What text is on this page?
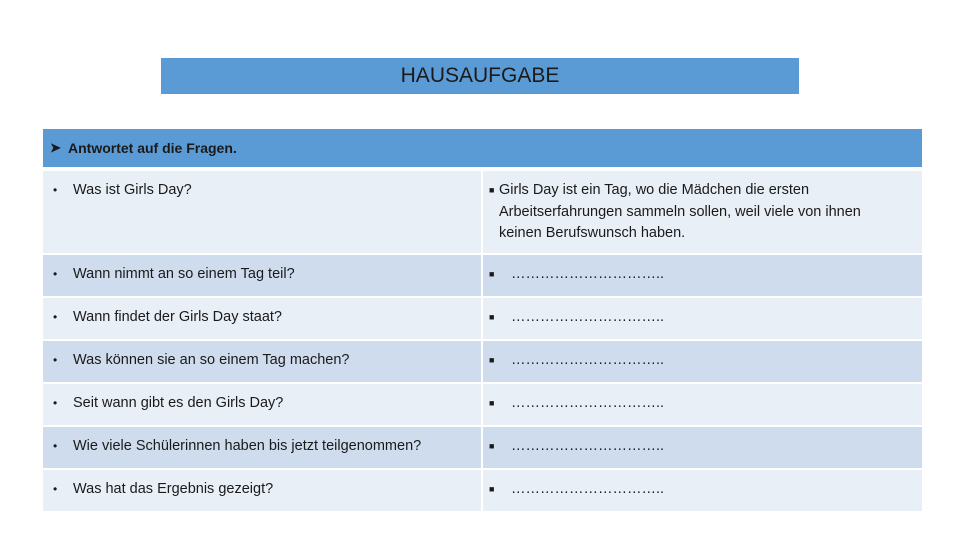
HAUSAUFGABE
➤ Antwortet auf die Fragen.
•	Was ist Girls Day?	■ Girls Day ist ein Tag, wo die Mädchen die ersten Arbeitserfahrungen sammeln sollen, weil viele von ihnen keinen Berufswunsch haben.
•	Wann nimmt an so einem Tag teil?	■	…………………………..
•	Wann findet der Girls Day staat?	■	…………………………..
•	Was können sie an so einem Tag machen?	■	…………………………..
•	Seit wann gibt es den Girls Day?	■	…………………………..
•	Wie viele Schülerinnen haben bis jetzt teilgenommen?	■	…………………………..
•	Was hat das Ergebnis gezeigt?	■	…………………………..
